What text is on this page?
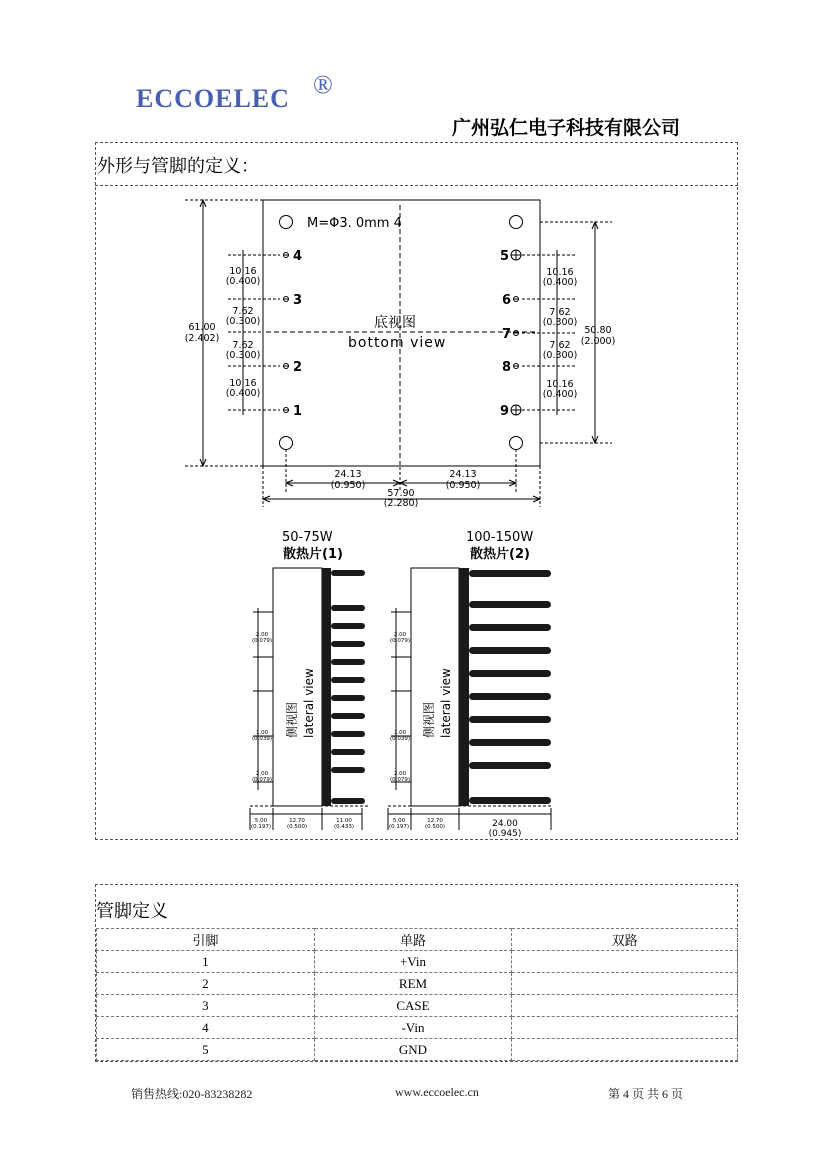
ECCOELEC ®
广州弘仁电子科技有限公司
外形与管脚的定义：
M=Φ3. 0mm 4
底视图
bottom view
4
3
2
1
5
6
7
8
9
10.16
(0.400)
7.62
(0.300)
7.62
(0.300)
10.16
(0.400)
10.16
(0.400)
7.62
(0.300)
7.62
(0.300)
10.16
(0.400)
61.00
(2.402)
50.80
(2.000)
24.13
(0.950)
24.13
(0.950)
57.90
(2.280)
50-75W
散热片(1)
侧视图 lateral view
2.00
(0.079)
1.00
(0.039)
2.00
(0.079)
5.00
(0.197)
12.70
(0.500)
11.00
(0.433)
100-150W
散热片(2)
侧视图 lateral view
2.00
(0.079)
1.00
(0.039)
2.00
(0.079)
5.00
(0.197)
12.70
(0.500)	24.00
(0.945)
管脚定义
引脚	单路	双路
1	+Vin	
2	REM	
3	CASE	
4	-Vin	
5	GND	
销售热线:020-83238282	www.eccoelec.cn	第 4 页 共 6 页
